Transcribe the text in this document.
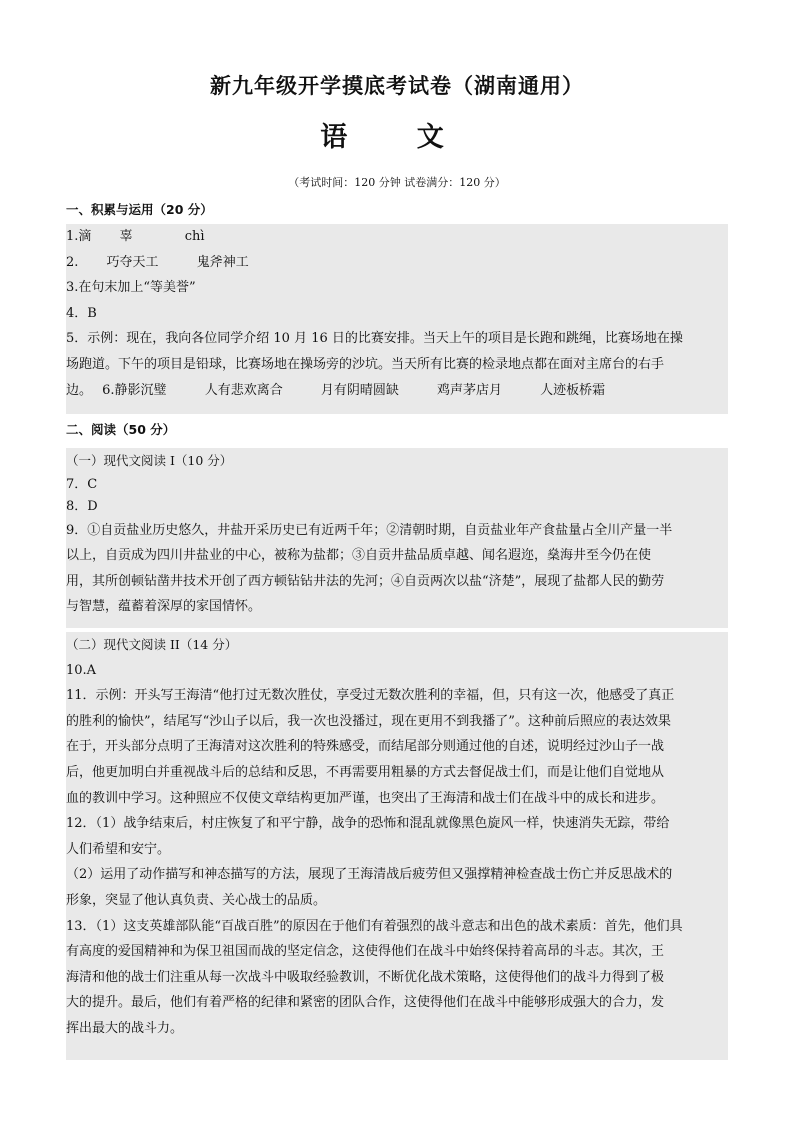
新九年级开学摸底考试卷（湖南通用）
语 文
（考试时间：120 分钟 试卷满分：120 分）
一、积累与运用（20 分）
1.滴 辜	chì
2. 巧夺天工	鬼斧神工
3.在句末加上“等美誉”
4．B
5．示例：现在，我向各位同学介绍 10 月 16 日的比赛安排。当天上午的项目是长跑和跳绳，比赛场地在操
场跑道。下午的项目是铅球，比赛场地在操场旁的沙坑。当天所有比赛的检录地点都在面对主席台的右手
边。 6.静影沉璧	人有悲欢离合	月有阴晴圆缺	鸡声茅店月	人迹板桥霜
二、阅读（50 分）
（一）现代文阅读 I（10 分）
7．C
8．D
9．①自贡盐业历史悠久，井盐开采历史已有近两千年；②清朝时期，自贡盐业年产食盐量占全川产量一半
以上，自贡成为四川井盐业的中心，被称为盐都；③自贡井盐品质卓越、闻名遐迩，燊海井至今仍在使
用，其所创顿钻凿井技术开创了西方顿钻钻井法的先河；④自贡两次以盐“济楚”，展现了盐都人民的勤劳
与智慧，蕴蓄着深厚的家国情怀。
（二）现代文阅读 II（14 分）
10.A
11．示例：开头写王海清“他打过无数次胜仗，享受过无数次胜利的幸福，但，只有这一次，他感受了真正
的胜利的愉快”，结尾写“沙山子以后，我一次也没播过，现在更用不到我播了”。这种前后照应的表达效果
在于，开头部分点明了王海清对这次胜利的特殊感受，而结尾部分则通过他的自述，说明经过沙山子一战
后，他更加明白并重视战斗后的总结和反思，不再需要用粗暴的方式去督促战士们，而是让他们自觉地从
血的教训中学习。这种照应不仅使文章结构更加严谨，也突出了王海清和战士们在战斗中的成长和进步。
12．（1）战争结束后，村庄恢复了和平宁静，战争的恐怖和混乱就像黑色旋风一样，快速消失无踪，带给
人们希望和安宁。
（2）运用了动作描写和神态描写的方法，展现了王海清战后疲劳但又强撑精神检查战士伤亡并反思战术的
形象，突显了他认真负责、关心战士的品质。
13．（1）这支英雄部队能“百战百胜”的原因在于他们有着强烈的战斗意志和出色的战术素质：首先，他们具
有高度的爱国精神和为保卫祖国而战的坚定信念，这使得他们在战斗中始终保持着高昂的斗志。其次，王
海清和他的战士们注重从每一次战斗中吸取经验教训，不断优化战术策略，这使得他们的战斗力得到了极
大的提升。最后，他们有着严格的纪律和紧密的团队合作，这使得他们在战斗中能够形成强大的合力，发
挥出最大的战斗力。
